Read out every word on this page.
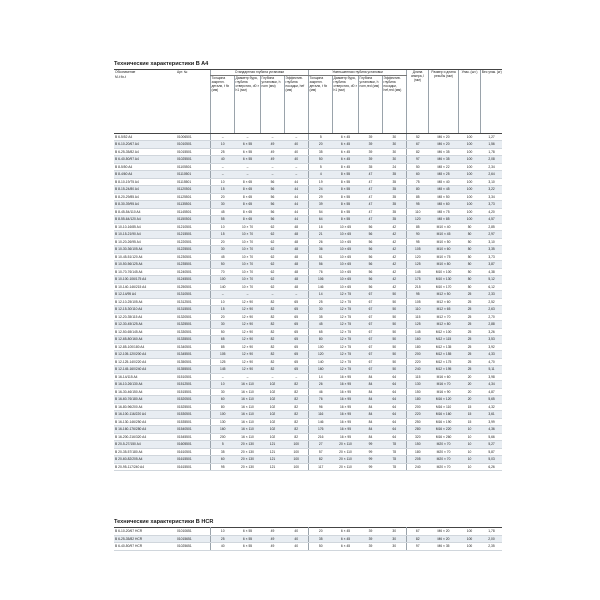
Технические характеристики B A4
Обозначение	Арт. №	Стандартная глубина установки				Уменьшенная глубина установки				Длина анкера, l (мм)	Размер и длина резьбы (мм)	Упак. (шт.)	Вес упак. (кг)
M-t fix-t		Толщина закрепл. детали, t fix (мм)	Диаметр бура, глубина отверстия, d0 × h1 (мм)	Глубина установки, h nom (мм)	Эффектив. глубина посадки, hef (мм)	Толщина закрепл. детали, t fix (мм)	Диаметр бура, глубина отверстия, d0 × h1 (мм)	Глубина установки, h nom,red (мм)	Эффектив. глубина посадки, hef,red (мм)				
B 6-5/52 A4	01006501	–	–	–	–	5	6 × 45	39	30	52	M6 × 20	100	1,27
B 6-10-20/67 A4	01010501	10	6 × 55	49	40	20	6 × 45	39	30	67	M6 × 20	100	1,56
B 6-25-35/82 A4	01015501	25	6 × 55	49	40	35	6 × 45	39	30	82	M6 × 35	100	1,78
B 6-40-50/97 A4	01025501	40	6 × 55	49	40	50	6 × 45	39	30	97	M6 × 35	100	2,08
B 8-5/50 A4	01105501	–	–	–	–	5	8 × 45	35	24	50	M8 × 22	100	2,34
B 8-4/60 A4	01110501	–	–	–	–	4	8 × 55	47	35	60	M8 × 25	100	2,64
B 8-10-19/75 A4	01115501	10	8 × 65	56	44	19	8 × 55	47	35	75	M8 × 40	100	3,10
B 8-15-24/80 A4	01120501	15	8 × 65	56	44	24	8 × 55	47	35	80	M8 × 45	100	3,22
B 8-20-29/85 A4	01125501	20	8 × 65	56	44	29	8 × 55	47	35	85	M8 × 50	100	3,34
B 8-30-39/95 A4	01135501	30	8 × 65	56	44	39	8 × 55	47	35	95	M8 × 60	100	3,73
B 8-45-54/110 A4	01145501	45	8 × 65	56	44	54	8 × 55	47	35	110	M8 × 75	100	4,20
B 8-55-64/120 A4	01150501	55	8 × 65	56	44	64	8 × 55	47	35	120	M8 × 85	100	4,57
B 10-10-16/85 A4	01210501	10	10 × 70	62	48	16	10 × 65	56	42	85	M10 × 40	50	2,85
B 10-15-21/90 A4	01215501	15	10 × 70	62	48	21	10 × 65	56	42	90	M10 × 45	50	2,97
B 10-20-26/95 A4	01220501	20	10 × 70	62	48	26	10 × 65	56	42	95	M10 × 50	50	3,10
B 10-30-36/105 A4	01225501	30	10 × 70	62	48	36	10 × 65	56	42	105	M10 × 60	50	3,35
B 10-45-51/120 A4	01230501	45	10 × 70	62	48	51	10 × 65	56	42	120	M10 × 75	50	3,73
B 10-50-56/125 A4	01235501	50	10 × 70	62	48	56	10 × 65	56	42	125	M10 × 80	50	3,87
B 10-70-76/145 A4	01240501	70	10 × 70	62	48	76	10 × 65	56	42	145	M10 × 100	50	4,38
B 10-100-106/175 A4	01245501	100	10 × 70	62	48	106	10 × 65	56	42	175	M10 × 130	50	5,12
B 10-140-146/215 A4	01250501	140	10 × 70	62	48	146	10 × 65	56	42	215	M10 × 170	50	6,12
B 12-14/95 A4	01310501	–	–	–	–	14	12 × 75	67	50	95	M12 × 50	25	2,33
B 12-10-25/105 A4	01312501	10	12 × 90	82	65	25	12 × 75	67	50	105	M12 × 60	25	2,52
B 12-15-30/110 A4	01315501	15	12 × 90	82	65	30	12 × 75	67	50	110	M12 × 65	25	2,63
B 12-20-35/115 A4	01320501	20	12 × 90	82	65	35	12 × 75	67	50	115	M12 × 70	25	2,70
B 12-30-45/125 A4	01325501	30	12 × 90	82	65	45	12 × 75	67	50	125	M12 × 80	25	2,88
B 12-50-65/145 A4	01330501	50	12 × 90	82	65	65	12 × 75	67	50	145	M12 × 100	25	3,26
B 12-65-80/160 A4	01335501	65	12 × 90	82	65	80	12 × 75	67	50	160	M12 × 115	25	3,53
B 12-85-100/180 A4	01340501	85	12 × 90	82	65	100	12 × 75	67	50	180	M12 × 135	25	3,92
B 12-105-120/200 A4	01345501	105	12 × 90	82	65	120	12 × 75	67	50	200	M12 × 155	25	4,33
B 12-125-140/220 A4	01350501	125	12 × 90	82	65	140	12 × 75	67	50	220	M12 × 175	25	4,70
B 12-145-160/240 A4	01355501	145	12 × 90	82	65	160	12 × 75	67	50	240	M12 × 195	25	5,11
B 16-14/115 A4	01510501	–	–	–	–	14	16 × 95	84	64	115	M16 × 60	20	3,98
B 16-10-26/130 A4	01512501	10	16 × 110	102	82	26	16 × 95	84	64	130	M16 × 70	20	4,34
B 16-30-46/150 A4	01515501	30	16 × 110	102	82	46	16 × 95	84	64	150	M16 × 90	20	4,87
B 16-60-76/180 A4	01520501	60	16 × 110	102	82	76	16 × 95	84	64	180	M16 × 120	20	5,65
B 16-80-96/200 A4	01525501	80	16 × 110	102	82	96	16 × 95	84	64	200	M16 × 110	15	4,32
B 16-100-116/220 A4	01530501	100	16 × 110	102	82	116	16 × 95	84	64	220	M16 × 160	15	3,61
B 16-130-146/250 A4	01535501	130	16 × 110	102	82	146	16 × 95	84	64	250	M16 × 190	15	3,99
B 16-160-176/280 A4	01540501	160	16 × 110	102	82	176	16 × 95	84	64	280	M16 × 220	10	4,36
B 16-200-216/320 A4	01545501	200	16 × 110	102	82	216	16 × 95	84	64	320	M16 × 260	10	5,66
B 20-5-27/150 A4	01605501	5	20 × 130	121	100	27	20 × 110	99	78	150	M20 × 70	10	5,27
B 20-35-57/180 A4	01610501	35	20 × 130	121	100	57	20 × 110	99	78	180	M20 × 70	10	5,87
B 20-60-82/205 A4	01615501	60	20 × 130	121	100	82	20 × 110	99	78	205	M20 × 70	10	5,03
B 20-95-117/240 A4	01615501	95	20 × 130	121	100	117	20 × 110	99	78	240	M20 × 70	10	6,26
Технические характеристики B HCR
B 6-10-20/67 HCR	01010651	10	6 × 55	49	40	20	6 × 45	39	30	67	M6 × 20	100	1,78
B 6-25-35/82 HCR	01015651	25	6 × 55	49	40	35	6 × 45	39	30	82	M6 × 20	100	2,00
B 6-40-50/97 HCR	01025651	40	6 × 55	49	40	50	6 × 45	39	30	97	M6 × 35	100	2,35
